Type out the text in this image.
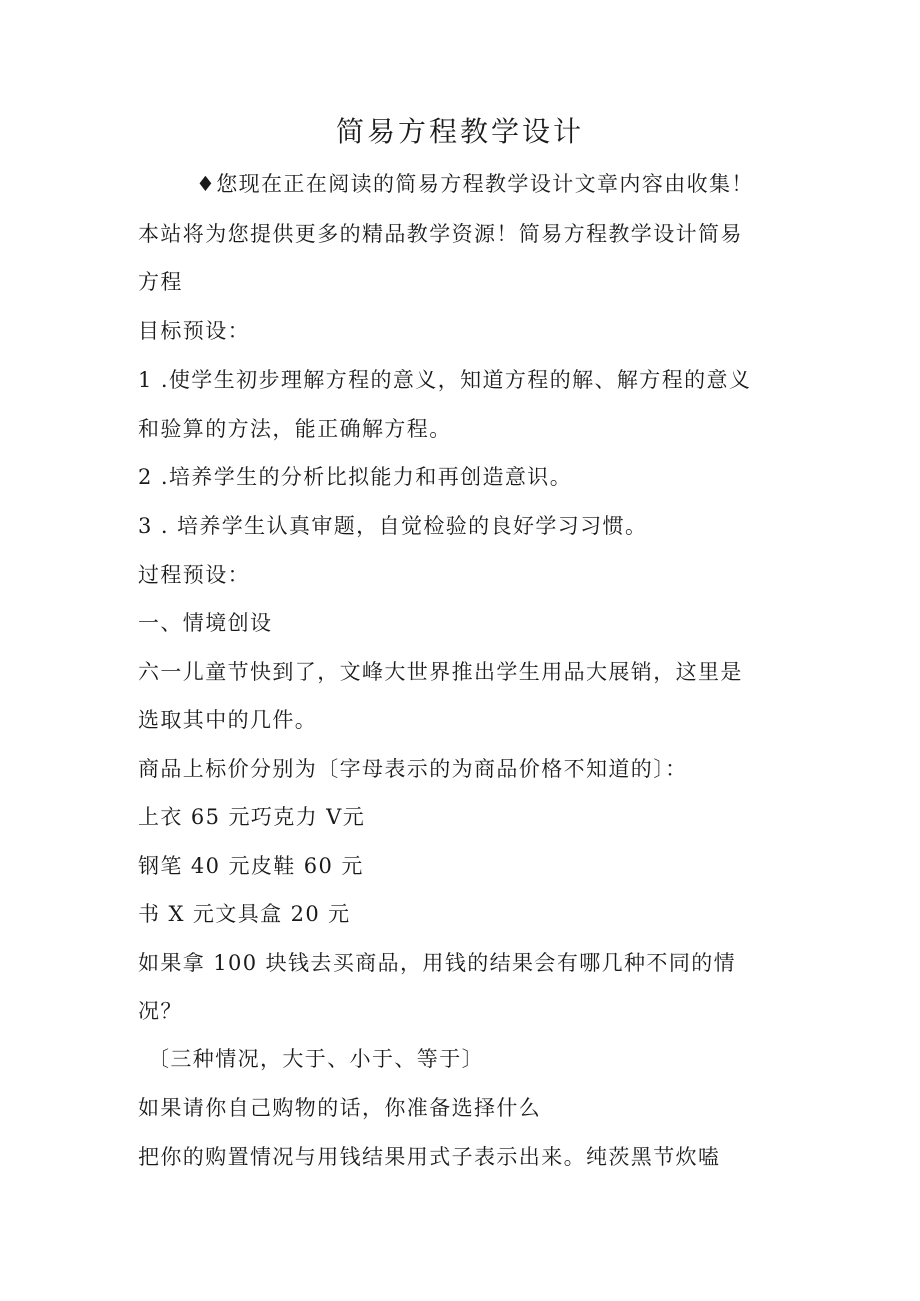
简易方程教学设计
♦您现在正在阅读的简易方程教学设计文章内容由收集！
本站将为您提供更多的精品教学资源！简易方程教学设计简易
方程
目标预设：
1 .使学生初步理解方程的意义，知道方程的解、解方程的意义
和验算的方法，能正确解方程。
2 .培养学生的分析比拟能力和再创造意识。
3 . 培养学生认真审题，自觉检验的良好学习习惯。
过程预设：
一、情境创设
六一儿童节快到了，文峰大世界推出学生用品大展销，这里是
选取其中的几件。
商品上标价分别为〔字母表示的为商品价格不知道的〕：
上衣 65 元巧克力 V元
钢笔 40 元皮鞋 60 元
书 X 元文具盒 20 元
如果拿 100 块钱去买商品，用钱的结果会有哪几种不同的情
况？
〔三种情况，大于、小于、等于〕
如果请你自己购物的话，你准备选择什么
把你的购置情况与用钱结果用式子表示出来。纯茨黑节炊嗑
